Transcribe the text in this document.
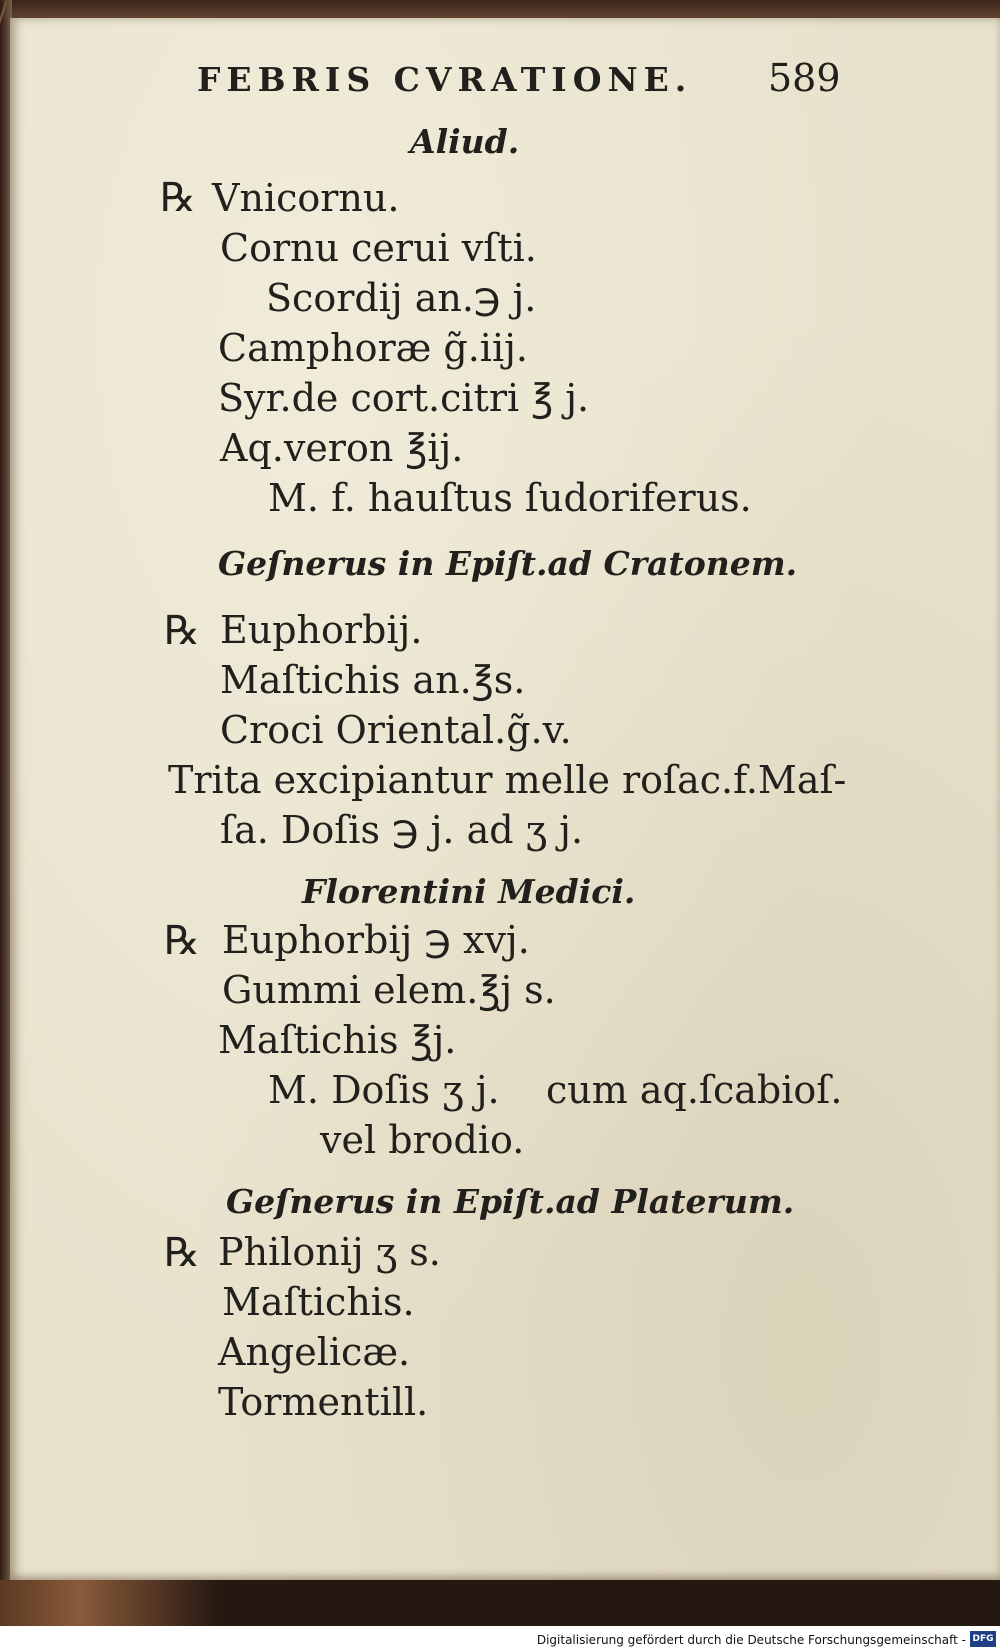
FEBRIS CVRATIONE. 589
Aliud.
℞ Vnicornu.
Cornu cerui vſti.
Scordij an.℈ j.
Camphoræ g̃.iij.
Syr.de cort.citri ℥ j.
Aq.veron ℥ij.
M. f. hauſtus ſudoriferus.
Geſnerus in Epiſt.ad Cratonem.
℞ Euphorbij.
Maſtichis an.℥s.
Croci Oriental.g̃.v.
Trita excipiantur melle roſac.f.Maſ-
ſa. Doſis ℈ j. ad ʒ j.
Florentini Medici.
℞ Euphorbij ℈ xvj.
Gummi elem.℥j s.
Maſtichis ℥j.
M. Doſis ʒ j. cum aq.ſcabioſ.
vel brodio.
Geſnerus in Epiſt.ad Platerum.
℞ Philonij ʒ s.
Maſtichis.
Angelicæ.
Tormentill.
Digitalisierung gefördert durch die Deutsche Forschungsgemeinschaft - DFG
